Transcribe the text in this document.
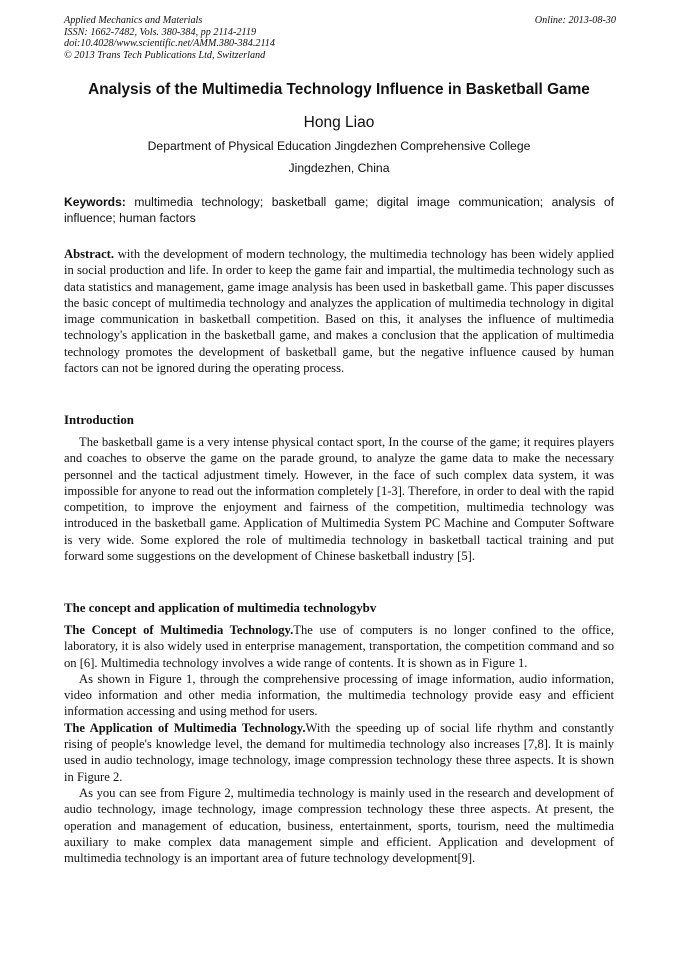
Applied Mechanics and Materials
ISSN: 1662-7482, Vols. 380-384, pp 2114-2119
doi:10.4028/www.scientific.net/AMM.380-384.2114
© 2013 Trans Tech Publications Ltd, Switzerland
Online: 2013-08-30
Analysis of the Multimedia Technology Influence in Basketball Game
Hong Liao
Department of Physical Education Jingdezhen Comprehensive College
Jingdezhen, China
Keywords: multimedia technology; basketball game; digital image communication; analysis of influence; human factors

Abstract. with the development of modern technology, the multimedia technology has been widely applied in social production and life. In order to keep the game fair and impartial, the multimedia technology such as data statistics and management, game image analysis has been used in basketball game. This paper discusses the basic concept of multimedia technology and analyzes the application of multimedia technology in digital image communication in basketball competition. Based on this, it analyses the influence of multimedia technology's application in the basketball game, and makes a conclusion that the application of multimedia technology promotes the development of basketball game, but the negative influence caused by human factors can not be ignored during the operating process.

Introduction

The basketball game is a very intense physical contact sport, In the course of the game; it requires players and coaches to observe the game on the parade ground, to analyze the game data to make the necessary personnel and the tactical adjustment timely. However, in the face of such complex data system, it was impossible for anyone to read out the information completely [1-3]. Therefore, in order to deal with the rapid competition, to improve the enjoyment and fairness of the competition, multimedia technology was introduced in the basketball game. Application of Multimedia System PC Machine and Computer Software is very wide. Some explored the role of multimedia technology in basketball tactical training and put forward some suggestions on the development of Chinese basketball industry [5].

The concept and application of multimedia technologybv

The Concept of Multimedia Technology.The use of computers is no longer confined to the office, laboratory, it is also widely used in enterprise management, transportation, the competition command and so on [6]. Multimedia technology involves a wide range of contents. It is shown as in Figure 1.

As shown in Figure 1, through the comprehensive processing of image information, audio information, video information and other media information, the multimedia technology provide easy and efficient information accessing and using method for users.

The Application of Multimedia Technology.With the speeding up of social life rhythm and constantly rising of people's knowledge level, the demand for multimedia technology also increases [7,8]. It is mainly used in audio technology, image technology, image compression technology these three aspects. It is shown in Figure 2.

As you can see from Figure 2, multimedia technology is mainly used in the research and development of audio technology, image technology, image compression technology these three aspects. At present, the operation and management of education, business, entertainment, sports, tourism, need the multimedia auxiliary to make complex data management simple and efficient. Application and development of multimedia technology is an important area of future technology development[9].
